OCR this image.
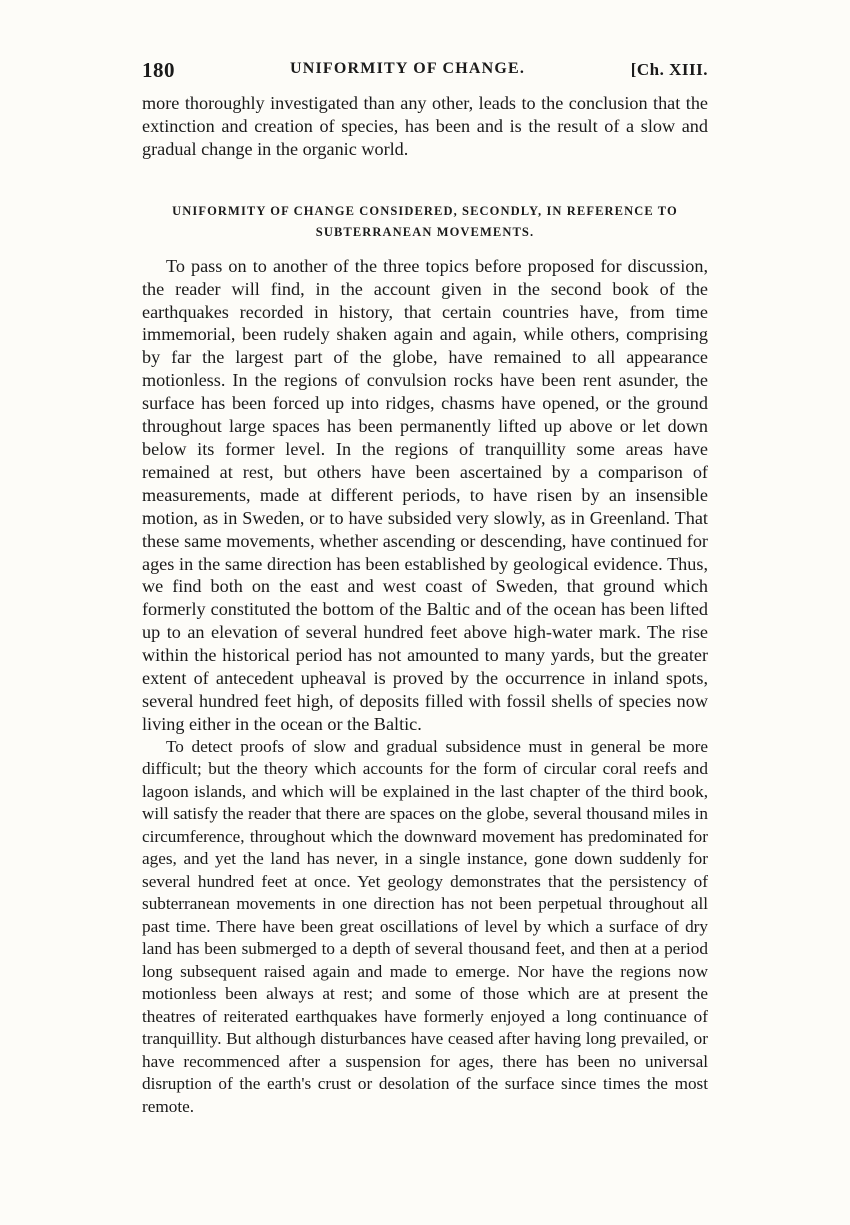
180	UNIFORMITY OF CHANGE.	[Ch. XIII.

more thoroughly investigated than any other, leads to the conclusion that the extinction and creation of species, has been and is the result of a slow and gradual change in the organic world.

UNIFORMITY OF CHANGE CONSIDERED, SECONDLY, IN REFERENCE TO
SUBTERRANEAN MOVEMENTS.

To pass on to another of the three topics before proposed for discussion, the reader will find, in the account given in the second book of the earthquakes recorded in history, that certain countries have, from time immemorial, been rudely shaken again and again, while others, comprising by far the largest part of the globe, have remained to all appearance motionless. In the regions of convulsion rocks have been rent asunder, the surface has been forced up into ridges, chasms have opened, or the ground throughout large spaces has been permanently lifted up above or let down below its former level. In the regions of tranquillity some areas have remained at rest, but others have been ascertained by a comparison of measurements, made at different periods, to have risen by an insensible motion, as in Sweden, or to have subsided very slowly, as in Greenland. That these same movements, whether ascending or descending, have continued for ages in the same direction has been established by geological evidence. Thus, we find both on the east and west coast of Sweden, that ground which formerly constituted the bottom of the Baltic and of the ocean has been lifted up to an elevation of several hundred feet above high-water mark. The rise within the historical period has not amounted to many yards, but the greater extent of antecedent upheaval is proved by the occurrence in inland spots, several hundred feet high, of deposits filled with fossil shells of species now living either in the ocean or the Baltic.

To detect proofs of slow and gradual subsidence must in general be more difficult; but the theory which accounts for the form of circular coral reefs and lagoon islands, and which will be explained in the last chapter of the third book, will satisfy the reader that there are spaces on the globe, several thousand miles in circumference, throughout which the downward movement has predominated for ages, and yet the land has never, in a single instance, gone down suddenly for several hundred feet at once. Yet geology demonstrates that the persistency of subterranean movements in one direction has not been perpetual throughout all past time. There have been great oscillations of level by which a surface of dry land has been submerged to a depth of several thousand feet, and then at a period long subsequent raised again and made to emerge. Nor have the regions now motionless been always at rest; and some of those which are at present the theatres of reiterated earthquakes have formerly enjoyed a long continuance of tranquillity. But although disturbances have ceased after having long prevailed, or have recommenced after a suspension for ages, there has been no universal disruption of the earth's crust or desolation of the surface since times the most remote.
